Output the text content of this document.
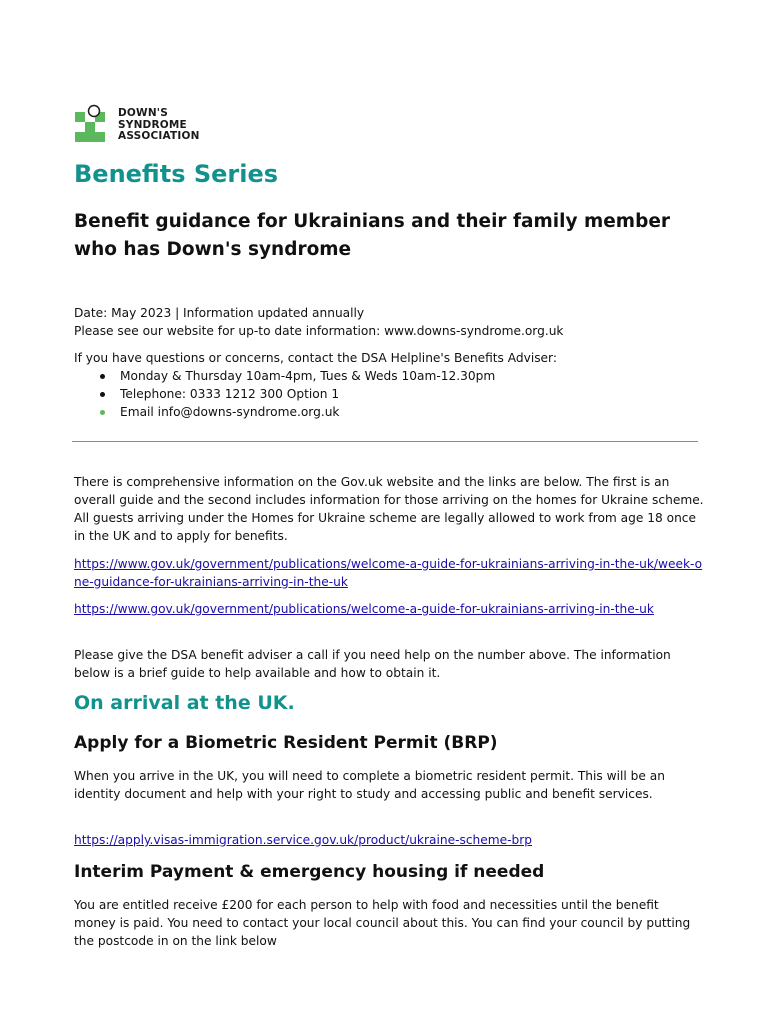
DOWN'S
SYNDROME
ASSOCIATION
Benefits Series
Benefit guidance for Ukrainians and their family member who has Down's syndrome
Date: May 2023 | Information updated annually
Please see our website for up-to date information: www.downs-syndrome.org.uk
If you have questions or concerns, contact the DSA Helpline's Benefits Adviser:
Monday & Thursday 10am-4pm, Tues & Weds 10am-12.30pm
Telephone: 0333 1212 300 Option 1
Email info@downs-syndrome.org.uk
There is comprehensive information on the Gov.uk website and the links are below. The first is an overall guide and the second includes information for those arriving on the homes for Ukraine scheme. All guests arriving under the Homes for Ukraine scheme are legally allowed to work from age 18 once in the UK and to apply for benefits.
https://www.gov.uk/government/publications/welcome-a-guide-for-ukrainians-arriving-in-the-uk/week-one-guidance-for-ukrainians-arriving-in-the-uk
https://www.gov.uk/government/publications/welcome-a-guide-for-ukrainians-arriving-in-the-uk
Please give the DSA benefit adviser a call if you need help on the number above. The information below is a brief guide to help available and how to obtain it.
On arrival at the UK.
Apply for a Biometric Resident Permit (BRP)
When you arrive in the UK, you will need to complete a biometric resident permit. This will be an identity document and help with your right to study and accessing public and benefit services.
https://apply.visas-immigration.service.gov.uk/product/ukraine-scheme-brp
Interim Payment & emergency housing if needed
You are entitled receive £200 for each person to help with food and necessities until the benefit money is paid. You need to contact your local council about this. You can find your council by putting the postcode in on the link below
